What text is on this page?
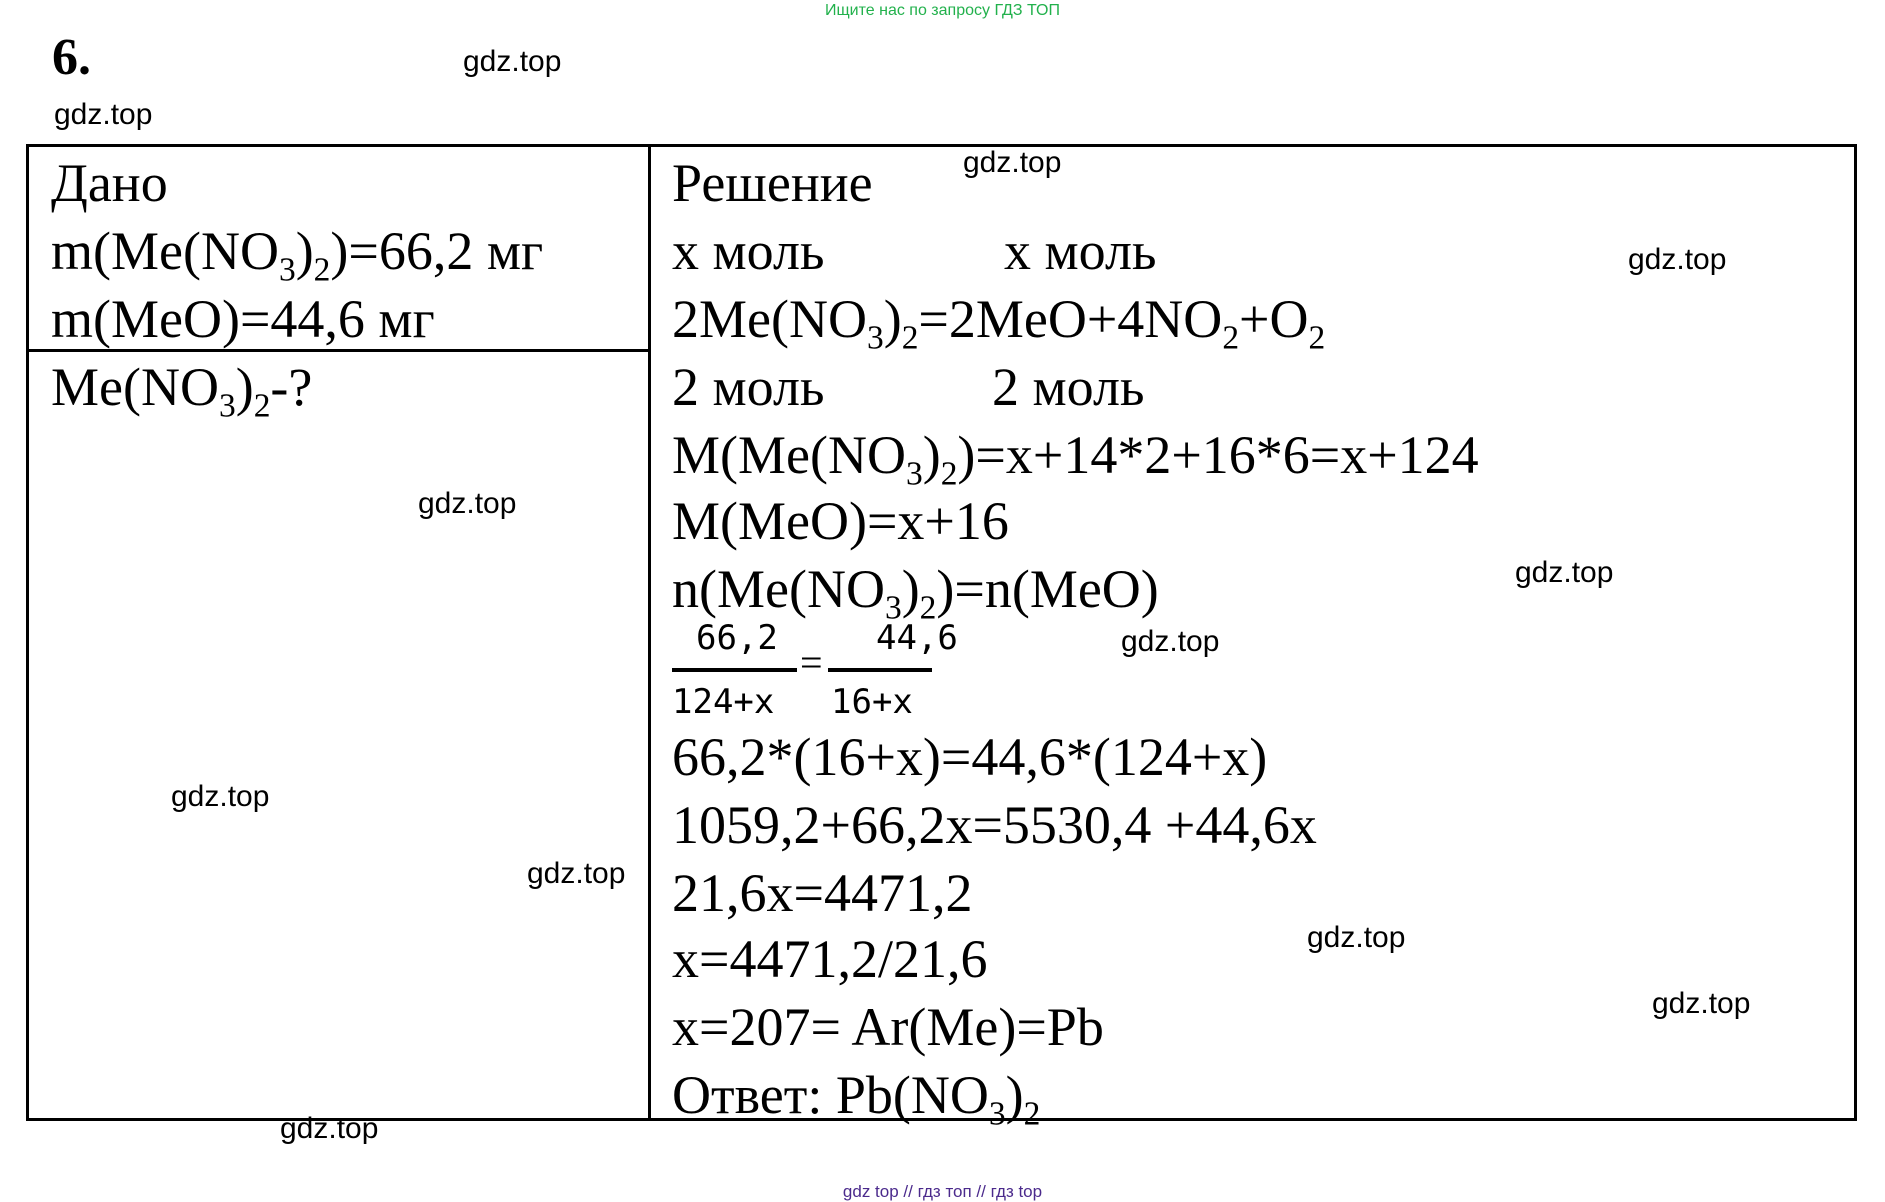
Ищите нас по запросу ГДЗ ТОП
6.	gdz.top
gdz.top
Дано
$m(Me(NO_3)_2)=66,2$ мг
m(MeO)=44,6 мг
$Me(NO_3)_2-$?
Решение
x моль	x моль
$2Me(NO_3)_2=2MeO+4NO_2+O_2$
2 моль	2 моль
$M(Me(NO_3)_2)=x+14*2+16*6=x+124$
M(MeO)=x+16
$n(Me(NO_3)_2)=n(MeO)$
66,2	44,6
=
124+x 16+x
66,2*(16+x)=44,6*(124+x)
1059,2+66,2x=5530,4 +44,6x
21,6x=4471,2
x=4471,2/21,6
x=207= Ar(Me)=Pb
Ответ: $Pb(NO_3)_2$
gdz.top
gdz.top
gdz.top
gdz.top
gdz.top
gdz.top
gdz.top
gdz.top
gdz.top
gdz.top
gdz top // гдз топ // гдз top
